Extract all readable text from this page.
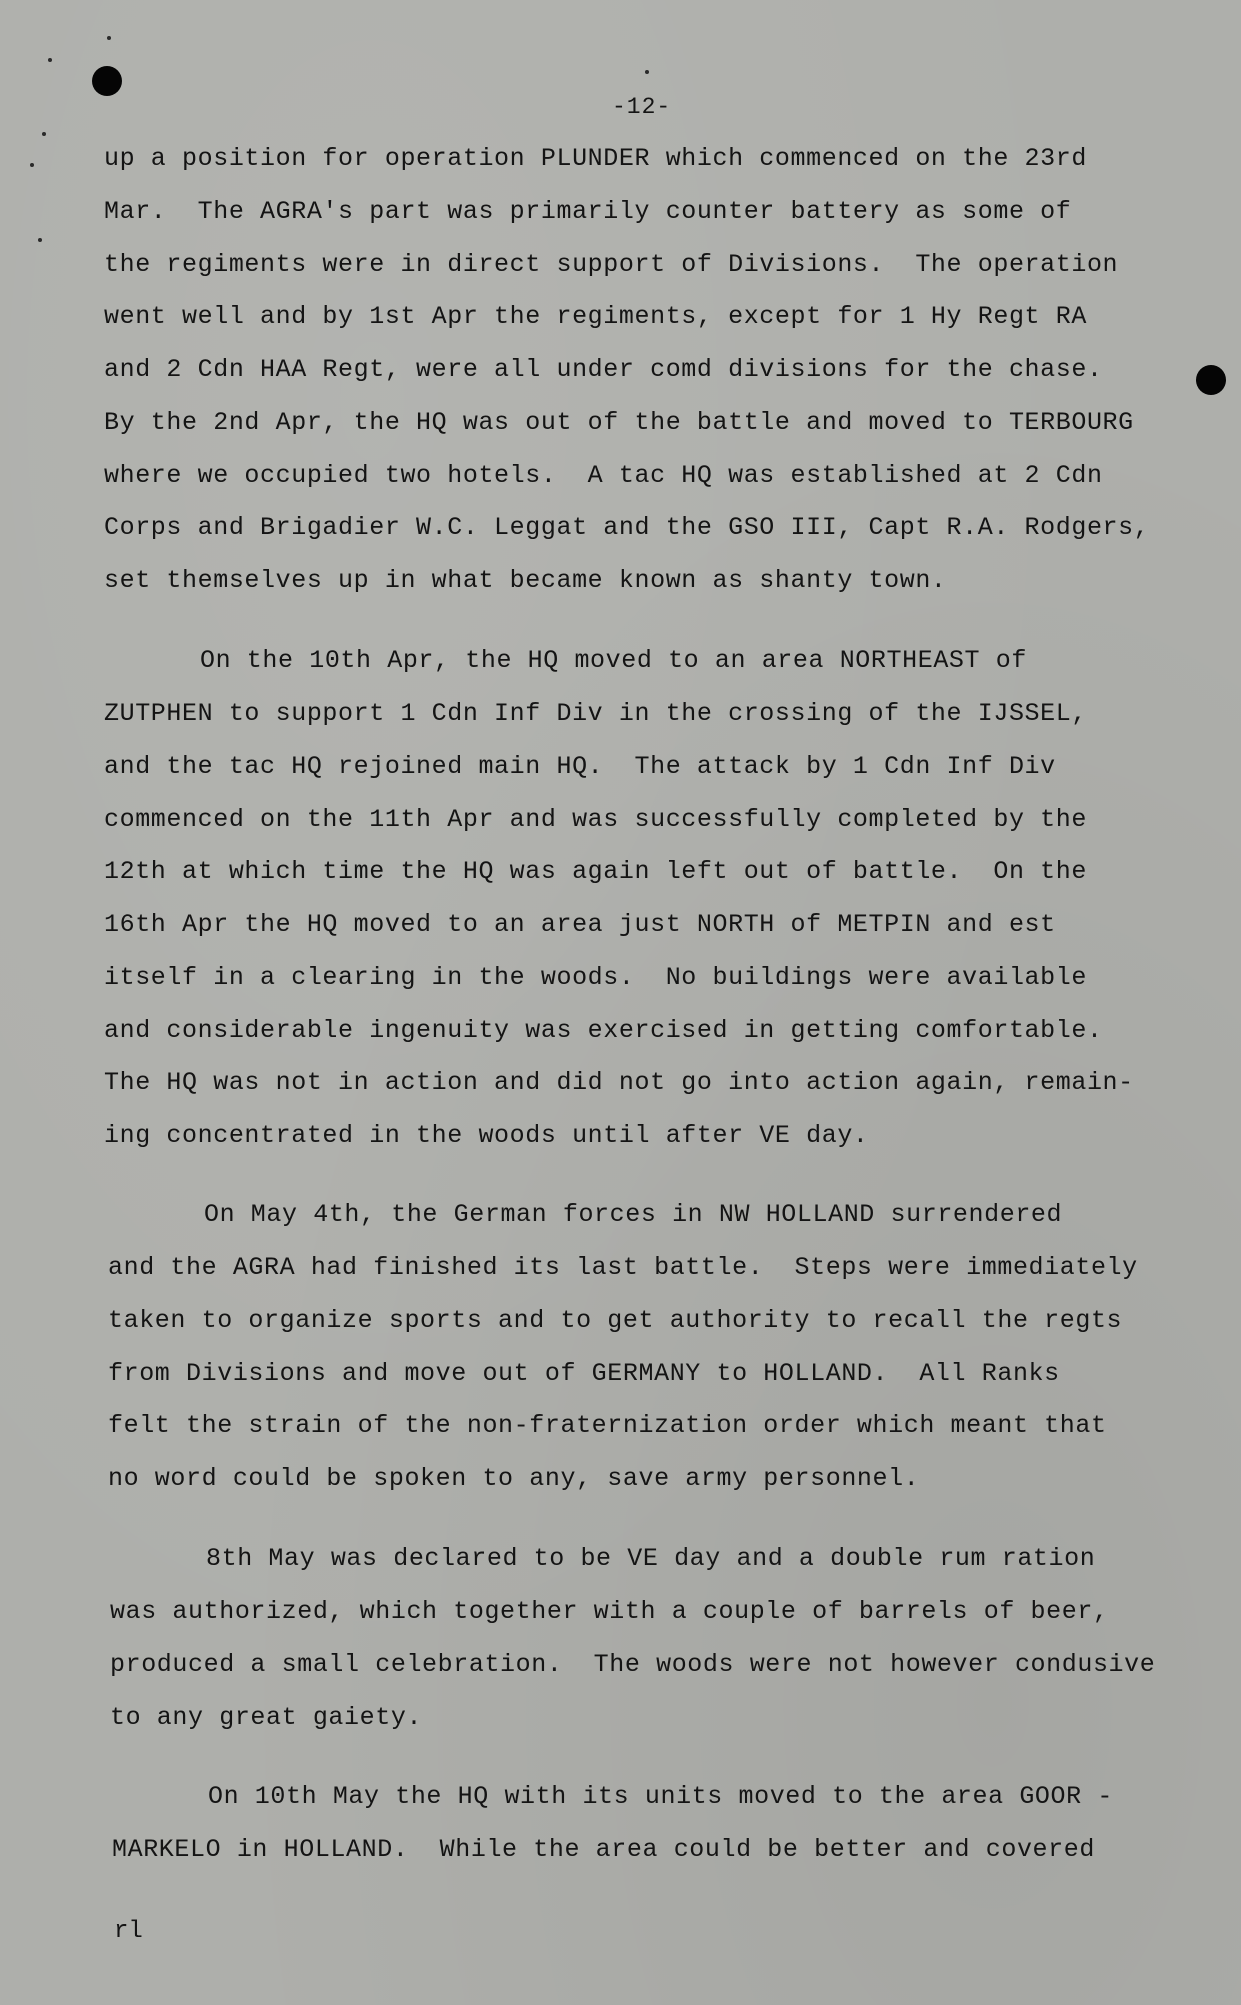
-12-
up a position for operation PLUNDER which commenced on the 23rd
Mar.  The AGRA's part was primarily counter battery as some of
the regiments were in direct support of Divisions.  The operation
went well and by 1st Apr the regiments, except for 1 Hy Regt RA
and 2 Cdn HAA Regt, were all under comd divisions for the chase.
By the 2nd Apr, the HQ was out of the battle and moved to TERBOURG
where we occupied two hotels.  A tac HQ was established at 2 Cdn
Corps and Brigadier W.C. Leggat and the GSO III, Capt R.A. Rodgers,
set themselves up in what became known as shanty town.
On the 10th Apr, the HQ moved to an area NORTHEAST of
ZUTPHEN to support 1 Cdn Inf Div in the crossing of the IJSSEL,
and the tac HQ rejoined main HQ.  The attack by 1 Cdn Inf Div
commenced on the 11th Apr and was successfully completed by the
12th at which time the HQ was again left out of battle.  On the
16th Apr the HQ moved to an area just NORTH of METPIN and est
itself in a clearing in the woods.  No buildings were available
and considerable ingenuity was exercised in getting comfortable.
The HQ was not in action and did not go into action again, remain-
ing concentrated in the woods until after VE day.
On May 4th, the German forces in NW HOLLAND surrendered
and the AGRA had finished its last battle.  Steps were immediately
taken to organize sports and to get authority to recall the regts
from Divisions and move out of GERMANY to HOLLAND.  All Ranks
felt the strain of the non-fraternization order which meant that
no word could be spoken to any, save army personnel.
8th May was declared to be VE day and a double rum ration
was authorized, which together with a couple of barrels of beer,
produced a small celebration.  The woods were not however condusive
to any great gaiety.
On 10th May the HQ with its units moved to the area GOOR -
MARKELO in HOLLAND.  While the area could be better and covered
rl
